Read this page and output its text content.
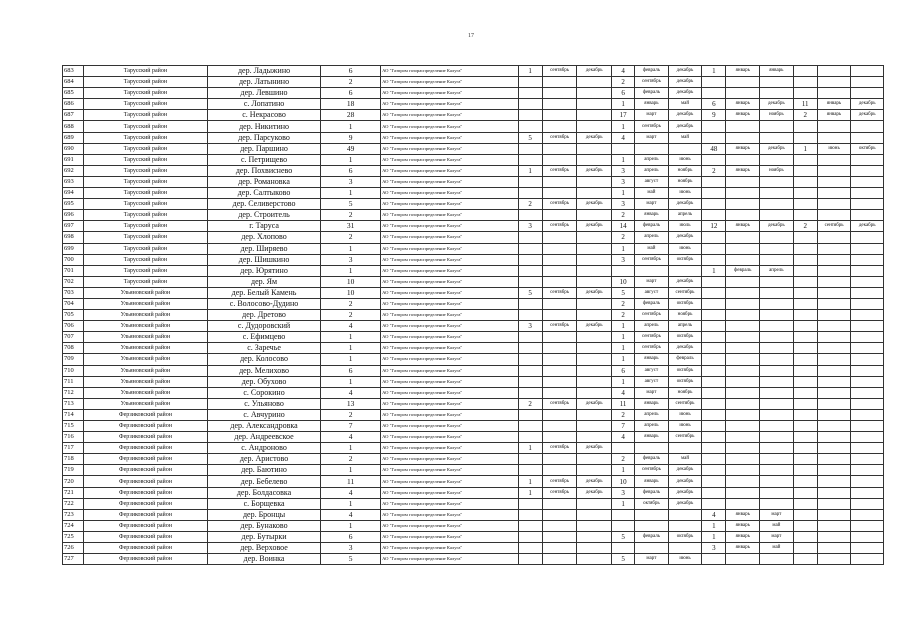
17
683	Тарусский район	дер. Ладыжино	6	АО "Газпром газораспределение Калуга"	1	сентябрь	декабрь	4	февраль	декабрь	1	январь	январь			
684	Тарусский район	дер. Латынино	2	АО "Газпром газораспределение Калуга"				2	сентябрь	декабрь						
685	Тарусский район	дер. Левшино	6	АО "Газпром газораспределение Калуга"				6	февраль	декабрь						
686	Тарусский район	с. Лопатино	18	АО "Газпром газораспределение Калуга"				1	январь	май	6	январь	декабрь	11	январь	декабрь
687	Тарусский район	с. Некрасово	28	АО "Газпром газораспределение Калуга"				17	март	декабрь	9	январь	ноябрь	2	январь	декабрь
688	Тарусский район	дер. Никитино	1	АО "Газпром газораспределение Калуга"				1	сентябрь	декабрь						
689	Тарусский район	дер. Парсуково	9	АО "Газпром газораспределение Калуга"	5	сентябрь	декабрь	4	март	май						
690	Тарусский район	дер. Паршино	49	АО "Газпром газораспределение Калуга"							48	январь	декабрь	1	июнь	октябрь
691	Тарусский район	с. Петрищево	1	АО "Газпром газораспределение Калуга"				1	апрель	июнь						
692	Тарусский район	дер. Похвиснево	6	АО "Газпром газораспределение Калуга"	1	сентябрь	декабрь	3	апрель	ноябрь	2	январь	ноябрь			
693	Тарусский район	дер. Романовка	3	АО "Газпром газораспределение Калуга"				3	август	ноябрь						
694	Тарусский район	дер. Салтыково	1	АО "Газпром газораспределение Калуга"				1	май	июнь						
695	Тарусский район	дер. Селиверстово	5	АО "Газпром газораспределение Калуга"	2	сентябрь	декабрь	3	март	декабрь						
696	Тарусский район	дер. Строитель	2	АО "Газпром газораспределение Калуга"				2	январь	апрель						
697	Тарусский район	г. Таруса	31	АО "Газпром газораспределение Калуга"	3	сентябрь	декабрь	14	февраль	июль	12	январь	декабрь	2	сентябрь	декабрь
698	Тарусский район	дер. Хлопово	2	АО "Газпром газораспределение Калуга"				2	апрель	декабрь						
699	Тарусский район	дер. Ширяево	1	АО "Газпром газораспределение Калуга"				1	май	июнь						
700	Тарусский район	дер. Шишкино	3	АО "Газпром газораспределение Калуга"				3	сентябрь	октябрь						
701	Тарусский район	дер. Юрятино	1	АО "Газпром газораспределение Калуга"							1	февраль	апрель			
702	Тарусский район	дер. Ям	10	АО "Газпром газораспределение Калуга"				10	март	декабрь						
703	Ульяновский район	дер. Белый Камень	10	АО "Газпром газораспределение Калуга"	5	сентябрь	декабрь	5	август	сентябрь						
704	Ульяновский район	с. Волосово-Дудино	2	АО "Газпром газораспределение Калуга"				2	февраль	октябрь						
705	Ульяновский район	дер. Дретово	2	АО "Газпром газораспределение Калуга"				2	сентябрь	ноябрь						
706	Ульяновский район	с. Дудоровский	4	АО "Газпром газораспределение Калуга"	3	сентябрь	декабрь	1	апрель	апрель						
707	Ульяновский район	с. Ефимцево	1	АО "Газпром газораспределение Калуга"				1	сентябрь	октябрь						
708	Ульяновский район	с. Заречье	1	АО "Газпром газораспределение Калуга"				1	сентябрь	декабрь						
709	Ульяновский район	дер. Колосово	1	АО "Газпром газораспределение Калуга"				1	январь	февраль						
710	Ульяновский район	дер. Мелихово	6	АО "Газпром газораспределение Калуга"				6	август	октябрь						
711	Ульяновский район	дер. Обухово	1	АО "Газпром газораспределение Калуга"				1	август	октябрь						
712	Ульяновский район	с. Сорокино	4	АО "Газпром газораспределение Калуга"				4	март	ноябрь						
713	Ульяновский район	с. Ульяново	13	АО "Газпром газораспределение Калуга"	2	сентябрь	декабрь	11	январь	сентябрь						
714	Ферзиковский район	с. Авчурино	2	АО "Газпром газораспределение Калуга"				2	апрель	июнь						
715	Ферзиковский район	дер. Александровка	7	АО "Газпром газораспределение Калуга"				7	апрель	июнь						
716	Ферзиковский район	дер. Андреевское	4	АО "Газпром газораспределение Калуга"				4	январь	сентябрь						
717	Ферзиковский район	с. Андроново	1	АО "Газпром газораспределение Калуга"	1	сентябрь	декабрь									
718	Ферзиковский район	дер. Аристово	2	АО "Газпром газораспределение Калуга"				2	февраль	май						
719	Ферзиковский район	дер. Баютино	1	АО "Газпром газораспределение Калуга"				1	сентябрь	декабрь						
720	Ферзиковский район	дер. Бебелево	11	АО "Газпром газораспределение Калуга"	1	сентябрь	декабрь	10	январь	декабрь						
721	Ферзиковский район	дер. Болдасовка	4	АО "Газпром газораспределение Калуга"	1	сентябрь	декабрь	3	февраль	декабрь						
722	Ферзиковский район	с. Борщевка	1	АО "Газпром газораспределение Калуга"				1	октябрь	декабрь						
723	Ферзиковский район	дер. Бронцы	4	АО "Газпром газораспределение Калуга"							4	январь	март			
724	Ферзиковский район	дер. Бунаково	1	АО "Газпром газораспределение Калуга"							1	январь	май			
725	Ферзиковский район	дер. Бутырки	6	АО "Газпром газораспределение Калуга"				5	февраль	октябрь	1	январь	март			
726	Ферзиковский район	дер. Верховое	3	АО "Газпром газораспределение Калуга"							3	январь	май			
727	Ферзиковский район	дер. Воинка	5	АО "Газпром газораспределение Калуга"				5	март	июнь						
